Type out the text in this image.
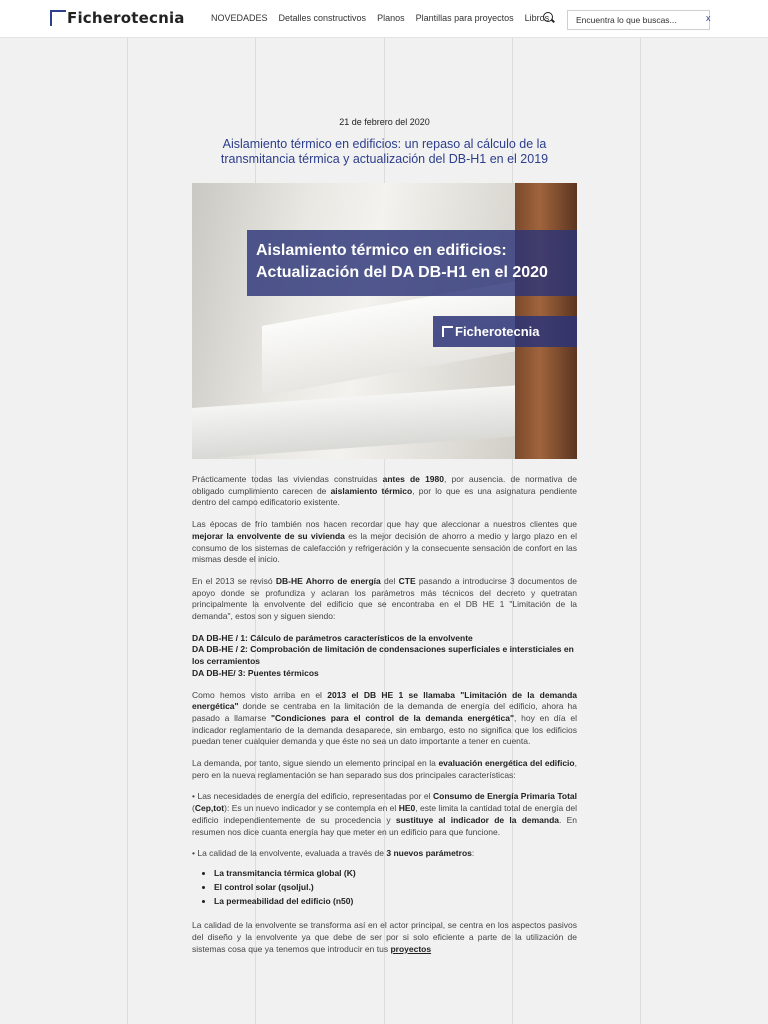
Ficherotecnia	NOVEDADES Detalles constructivos Planos Plantillas para proyectos Libros
Encuentra lo que buscas...	x
21 de febrero del 2020
Aislamiento térmico en edificios: un repaso al cálculo de la transmitancia térmica y actualización del DB-H1 en el 2019
Aislamiento térmico en edificios:
Actualización del DA DB-H1 en el 2020
Ficherotecnia

Prácticamente todas las viviendas construidas antes de 1980, por ausencia. de normativa de obligado cumplimiento carecen de aislamiento térmico, por lo que es una asignatura pendiente dentro del campo edificatorio existente.

Las épocas de frío también nos hacen recordar que hay que aleccionar a nuestros clientes que mejorar la envolvente de su vivienda es la mejor decisión de ahorro a medio y largo plazo en el consumo de los sistemas de calefacción y refrigeración y la consecuente sensación de confort en las mismas desde el inicio.

En el 2013 se revisó DB-HE Ahorro de energía del CTE pasando a introducirse 3 documentos de apoyo donde se profundiza y aclaran los parámetros más técnicos del decreto y quetratan principalmente la envolvente del edificio que se encontraba en el DB HE 1 "Limitación de la demanda", estos son y siguen siendo:

DA DB-HE / 1: Cálculo de parámetros característicos de la envolvente
DA DB-HE / 2: Comprobación de limitación de condensaciones superficiales e intersticiales en los cerramientos
DA DB-HE/ 3: Puentes térmicos

Como hemos visto arriba en el 2013 el DB HE 1 se llamaba "Limitación de la demanda energética" donde se centraba en la limitación de la demanda de energía del edificio, ahora ha pasado a llamarse "Condiciones para el control de la demanda energética", hoy en día el indicador reglamentario de la demanda desaparece, sin embargo, esto no significa que los edificios puedan tener cualquier demanda y que éste no sea un dato importante a tener en cuenta.

La demanda, por tanto, sigue siendo un elemento principal en la evaluación energética del edificio, pero en la nueva reglamentación se han separado sus dos principales características:

• Las necesidades de energía del edificio, representadas por el Consumo de Energía Primaria Total (Cep,tot): Es un nuevo indicador y se contempla en el HE0, este limita la cantidad total de energía del edificio independientemente de su procedencia y sustituye al indicador de la demanda. En resumen nos dice cuanta energía hay que meter en un edificio para que funcione.

• La calidad de la envolvente, evaluada a través de 3 nuevos parámetros:

• La transmitancia térmica global (K)
• El control solar (qsoljul.)
• La permeabilidad del edificio (n50)

La calidad de la envolvente se transforma así en el actor principal, se centra en los aspectos pasivos del diseño y la envolvente ya que debe de ser por si solo eficiente a parte de la utilización de sistemas cosa que ya tenemos que introducir en tus proyectos
